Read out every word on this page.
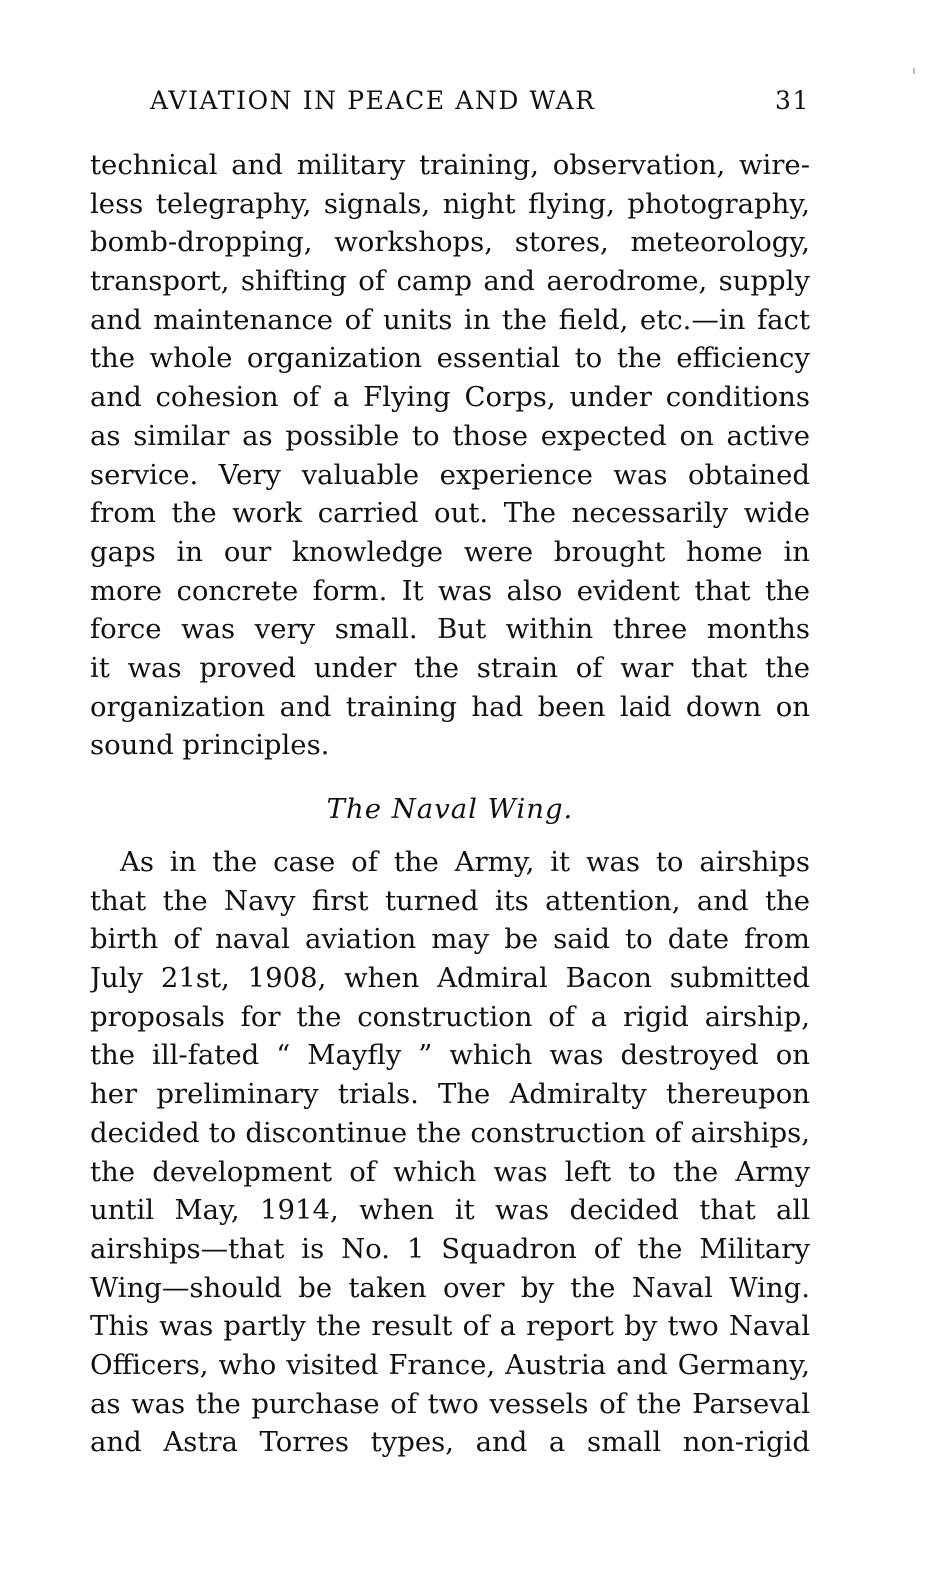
AVIATION IN PEACE AND WAR	31
technical and military training, observation, wire-
less telegraphy, signals, night flying, photography,
bomb-dropping, workshops, stores, meteorology,
transport, shifting of camp and aerodrome, supply
and maintenance of units in the field, etc.—in fact
the whole organization essential to the efficiency
and cohesion of a Flying Corps, under conditions
as similar as possible to those expected on active
service. Very valuable experience was obtained
from the work carried out. The necessarily wide
gaps in our knowledge were brought home in
more concrete form. It was also evident that the
force was very small. But within three months
it was proved under the strain of war that the
organization and training had been laid down on
sound principles.
The Naval Wing.
As in the case of the Army, it was to airships
that the Navy first turned its attention, and the
birth of naval aviation may be said to date from
July 21st, 1908, when Admiral Bacon submitted
proposals for the construction of a rigid airship,
the ill-fated “ Mayfly ” which was destroyed on
her preliminary trials. The Admiralty thereupon
decided to discontinue the construction of airships,
the development of which was left to the Army
until May, 1914, when it was decided that all
airships—that is No. 1 Squadron of the Military
Wing—should be taken over by the Naval Wing.
This was partly the result of a report by two Naval
Officers, who visited France, Austria and Germany,
as was the purchase of two vessels of the Parseval
and Astra Torres types, and a small non-rigid
